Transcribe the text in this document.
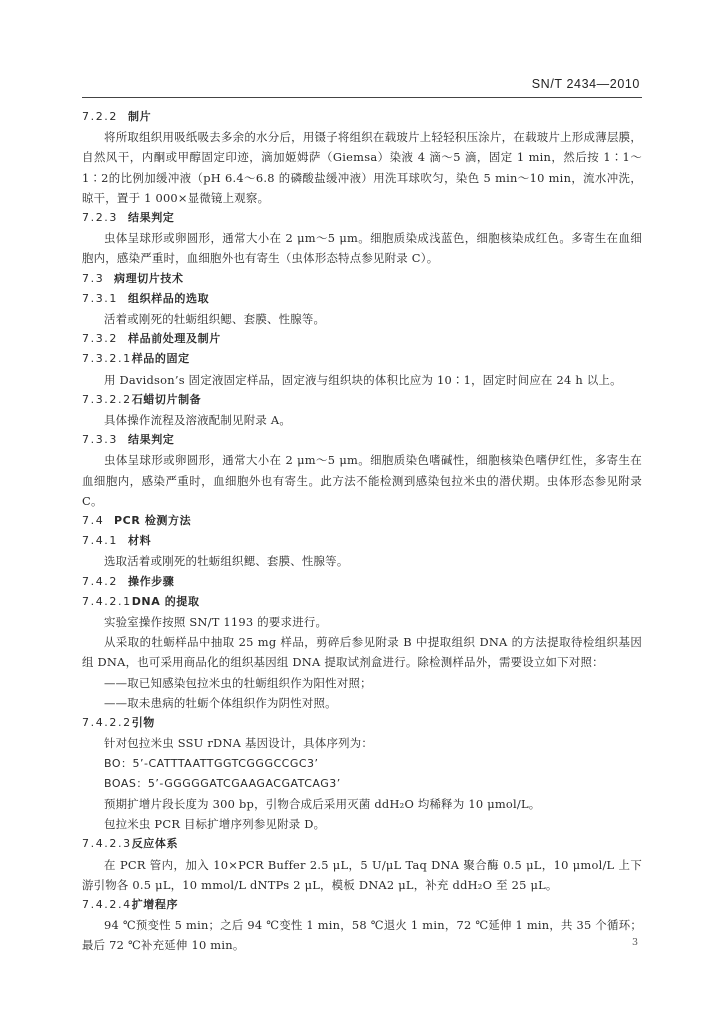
SN/T 2434—2010

7.2.2 制片

将所取组织用吸纸吸去多余的水分后，用镊子将组织在载玻片上轻轻积压涂片，在载玻片上形成薄层膜，自然风干，内酮或甲醇固定印迹，滴加姬姆萨（Giemsa）染液 4 滴～5 滴，固定 1 min，然后按 1∶1～1∶2的比例加缓冲液（pH 6.4～6.8 的磷酸盐缓冲液）用洗耳球吹匀，染色 5 min～10 min，流水冲洗，晾干，置于 1 000×显微镜上观察。

7.2.3 结果判定

虫体呈球形或卵圆形，通常大小在 2 μm～5 μm。细胞质染成浅蓝色，细胞核染成红色。多寄生在血细胞内，感染严重时，血细胞外也有寄生（虫体形态特点参见附录 C）。

7.3 病理切片技术

7.3.1 组织样品的选取

活着或刚死的牡蛎组织鳃、套膜、性腺等。

7.3.2 样品前处理及制片

7.3.2.1样品的固定

用 Davidson’s 固定液固定样品，固定液与组织块的体积比应为 10∶1，固定时间应在 24 h 以上。

7.3.2.2石蜡切片制备

具体操作流程及溶液配制见附录 A。

7.3.3 结果判定

虫体呈球形或卵圆形，通常大小在 2 μm～5 μm。细胞质染色嗜碱性，细胞核染色嗜伊红性，多寄生在血细胞内，感染严重时，血细胞外也有寄生。此方法不能检测到感染包拉米虫的潜伏期。虫体形态参见附录 C。

7.4 PCR 检测方法

7.4.1 材料

选取活着或刚死的牡蛎组织鳃、套膜、性腺等。

7.4.2 操作步骤

7.4.2.1DNA 的提取

实验室操作按照 SN/T 1193 的要求进行。

从采取的牡蛎样品中抽取 25 mg 样品，剪碎后参见附录 B 中提取组织 DNA 的方法提取待检组织基因组 DNA，也可采用商品化的组织基因组 DNA 提取试剂盒进行。除检测样品外，需要设立如下对照：

——取已知感染包拉米虫的牡蛎组织作为阳性对照；

——取未患病的牡蛎个体组织作为阴性对照。

7.4.2.2引物

针对包拉米虫 SSU rDNA 基因设计，具体序列为：

BO：5’-CATTTAATTGGTCGGGCCGC3’

BOAS：5’-GGGGGATCGAAGACGATCAG3’

预期扩增片段长度为 300 bp，引物合成后采用灭菌 ddH₂O 均稀释为 10 μmol/L。

包拉米虫 PCR 目标扩增序列参见附录 D。

7.4.2.3反应体系

在 PCR 管内，加入 10×PCR Buffer 2.5 μL，5 U/μL Taq DNA 聚合酶 0.5 μL，10 μmol/L 上下游引物各 0.5 μL，10 mmol/L dNTPs 2 μL，模板 DNA2 μL，补充 ddH₂O 至 25 μL。

7.4.2.4扩增程序

94 ℃预变性 5 min；之后 94 ℃变性 1 min，58 ℃退火 1 min，72 ℃延伸 1 min，共 35 个循环；最后 72 ℃补充延伸 10 min。	3
